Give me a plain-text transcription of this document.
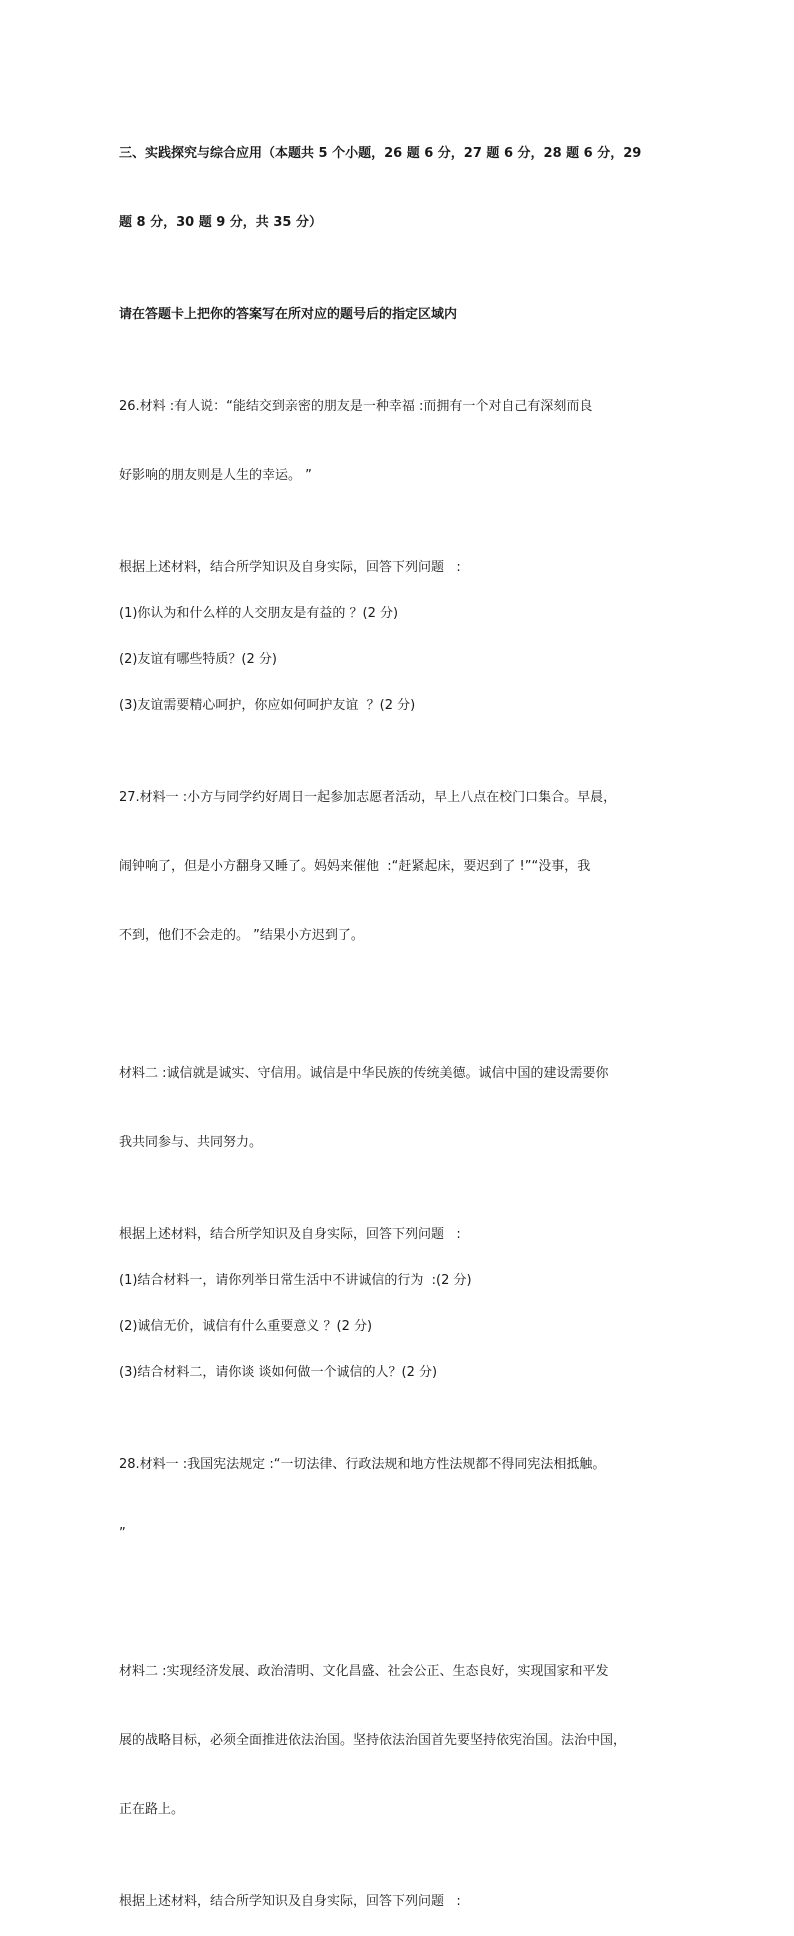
三、实践探究与综合应用（本题共 5 个小题，26 题 6 分，27 题 6 分，28 题 6 分，29

题 8 分，30 题 9 分，共 35 分）

请在答题卡上把你的答案写在所对应的题号后的指定区域内

26.材料 :有人说：“能结交到亲密的朋友是一种幸福 :而拥有一个对自己有深刻而良

好影响的朋友则是人生的幸运。 ”

根据上述材料，结合所学知识及自身实际，回答下列问题   :
(1)你认为和什么样的人交朋友是有益的 ？(2 分)
(2)友谊有哪些特质？(2 分)
(3)友谊需要精心呵护，你应如何呵护友谊  ？(2 分)

27.材料一 :小方与同学约好周日一起参加志愿者活动，早上八点在校门口集合。早晨，

闹钟响了，但是小方翻身又睡了。妈妈来催他  :“赶紧起床，要迟到了 !”“没事，我

不到，他们不会走的。 ”结果小方迟到了。

材料二 :诚信就是诚实、守信用。诚信是中华民族的传统美德。诚信中国的建设需要你

我共同参与、共同努力。

根据上述材料，结合所学知识及自身实际，回答下列问题   :
(1)结合材料一，请你列举日常生活中不讲诚信的行为  :(2 分)
(2)诚信无价，诚信有什么重要意义 ？(2 分)
(3)结合材料二，请你谈 谈如何做一个诚信的人？(2 分)

28.材料一 :我国宪法规定 :“一切法律、行政法规和地方性法规都不得同宪法相抵触。

”

材料二 :实现经济发展、政治清明、文化昌盛、社会公正、生态良好，实现国家和平发

展的战略目标，必须全面推进依法治国。坚持依法治国首先要坚持依宪治国。法治中国，

正在路上。

根据上述材料，结合所学知识及自身实际，回答下列问题   :
